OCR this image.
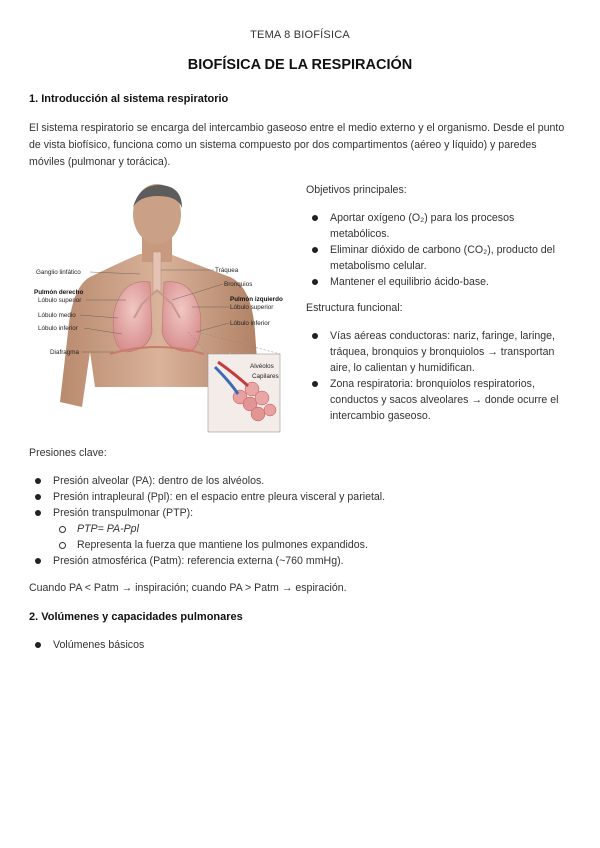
TEMA 8 BIOFÍSICA
BIOFÍSICA DE LA RESPIRACIÓN
1. Introducción al sistema respiratorio
El sistema respiratorio se encarga del intercambio gaseoso entre el medio externo y el organismo. Desde el punto de vista biofísico, funciona como un sistema compuesto por dos compartimentos (aéreo y líquido) y paredes móviles (pulmonar y torácica).
Ganglio linfático	Tráquea
Bronquios
Pulmón derecho
Lóbulo superior
Lóbulo medio
Lóbulo inferior
Diafragma
Pulmón izquierdo
Lóbulo superior
Lóbulo inferior
Alvéolos
Capilares
Objetivos principales:
Aportar oxígeno (O₂) para los procesos metabólicos.
Eliminar dióxido de carbono (CO₂), producto del metabolismo celular.
Mantener el equilibrio ácido-base.
Estructura funcional:
Vías aéreas conductoras: nariz, faringe, laringe, tráquea, bronquios y bronquiolos → transportan aire, lo calientan y humidifican.
Zona respiratoria: bronquiolos respiratorios, conductos y sacos alveolares → donde ocurre el intercambio gaseoso.
Presiones clave:
Presión alveolar (PA): dentro de los alvéolos.
Presión intrapleural (Ppl): en el espacio entre pleura visceral y parietal.
Presión transpulmonar (PTP):
PTP= PA-Ppl
Representa la fuerza que mantiene los pulmones expandidos.
Presión atmosférica (Patm): referencia externa (~760 mmHg).
Cuando PA < Patm → inspiración; cuando PA > Patm → espiración.
2. Volúmenes y capacidades pulmonares
Volúmenes básicos
